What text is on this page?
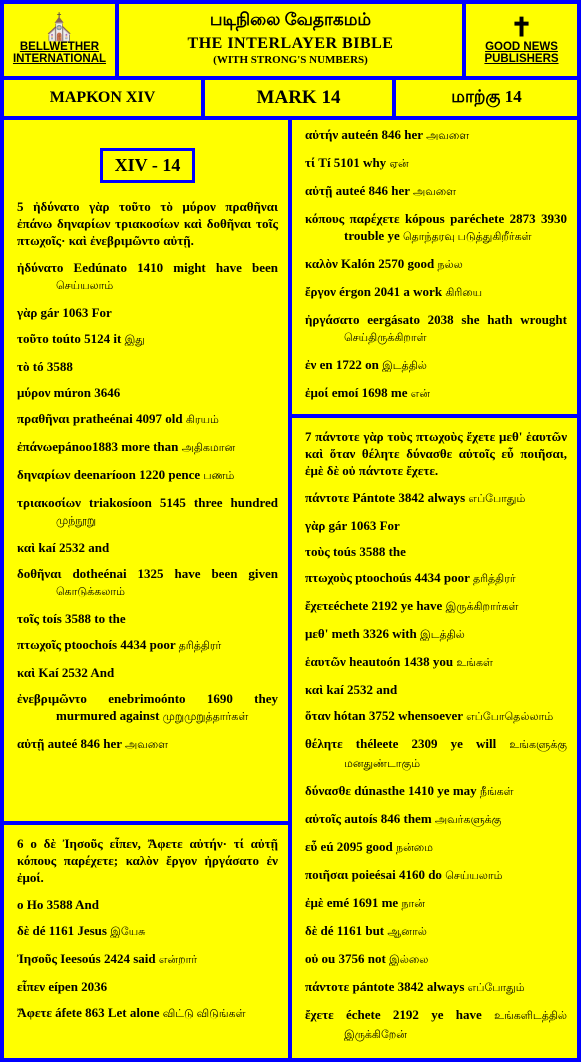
⛪
BELLWETHER
INTERNATIONAL
படிநிலை வேதாகமம்
THE INTERLAYER BIBLE
(WITH STRONG'S NUMBERS)
✝
GOOD NEWS
PUBLISHERS
ΜΑΡΚΟΝ XIV	MARK 14	மாற்கு 14
XIV - 14
5 ἠδύνατο γὰρ τοῦτο τὸ μύρον πραθῆναι ἐπάνω δηναρίων τριακοσίων καὶ δοθῆναι τοῖς πτωχοῖς· καὶ ἐνεβριμῶντο αὐτῇ.

ἠδύνατο Eedúnato 1410 might have been செய்யலாம்

γὰρ gár 1063 For

τοῦτο toúto 5124 it இது

τὸ tó 3588

μύρον múron 3646

πραθῆναι pratheénai 4097 old கிரயம்

ἐπάνωepánoo1883 more than அதிகமான

δηναρίων deenaríoon 1220 pence பணம்

τριακοσίων triakosíoon 5145 three hundred முந்நூறு

καὶ kaí 2532 and

δοθῆναι dotheénai 1325 have been given கொடுக்கலாம்

τοῖς toís 3588 to the

πτωχοῖς ptoochoís 4434 poor தரித்திரர்

καὶ Kaí 2532 And

ἐνεβριμῶντο enebrimoónto 1690 they murmured against முறுமுறுத்தார்கள்

αὐτῇ auteé 846 her அவளை

6 ο δὲ Ἰησοῦς εἶπεν, Ἄφετε αὐτήν· τί αὐτῇ κόπους παρέχετε; καλὸν ἔργον ἠργάσατο ἐν ἐμοί.

ο Ho 3588 And

δὲ dé 1161 Jesus இயேசு

Ἰησοῦς Ieesoús 2424 said என்றார்

εἶπεν eípen 2036

Ἄφετε áfete 863 Let alone விட்டு விடுங்கள்

αὐτήν auteén 846 her அவளை

τί Tí 5101 why ஏன்

αὐτῇ auteé 846 her அவளை

κόπους παρέχετε kópous paréchete 2873 3930 trouble ye தொந்தரவு படுத்துகிறீர்கள்

καλὸν Kalón 2570 good நல்ல

ἔργον érgon 2041 a work கிரியை

ἠργάσατο eergásato 2038 she hath wrought செய்திருக்கிறாள்

ἐν en 1722 on இடத்தில்

ἐμοί emoí 1698 me என்

7 πάντοτε γὰρ τοὺς πτωχοὺς ἔχετε μεθ' ἑαυτῶν καὶ ὅταν θέλητε δύνασθε αὐτοῖς εὖ ποιῆσαι, ἐμὲ δὲ οὐ πάντοτε ἔχετε.

πάντοτε Pántote 3842 always எப்போதும்

γὰρ gár 1063 For

τοὺς toús 3588 the

πτωχοὺς ptoochoús 4434 poor தரித்திரர்

ἔχετεéchete 2192 ye have இருக்கிறார்கள்

μεθ' meth 3326 with இடத்தில்

ἑαυτῶν heautoón 1438 you உங்கள்

καὶ kaí 2532 and

ὅταν hótan 3752 whensoever எப்போதெல்லாம்

θέλητε théleete 2309 ye will உங்களுக்கு மனதுண்டாகும்

δύνασθε dúnasthe 1410 ye may நீங்கள்

αὐτοῖς autoís 846 them அவர்களுக்கு

εὖ eú 2095 good நன்மை

ποιῆσαι poieésai 4160 do செய்யலாம்

ἐμὲ emé 1691 me நான்

δὲ dé 1161 but ஆனால்

οὐ ou 3756 not இல்லை

πάντοτε pántote 3842 always எப்போதும்

ἔχετε échete 2192 ye have உங்களிடத்தில் இருக்கிறேன்
